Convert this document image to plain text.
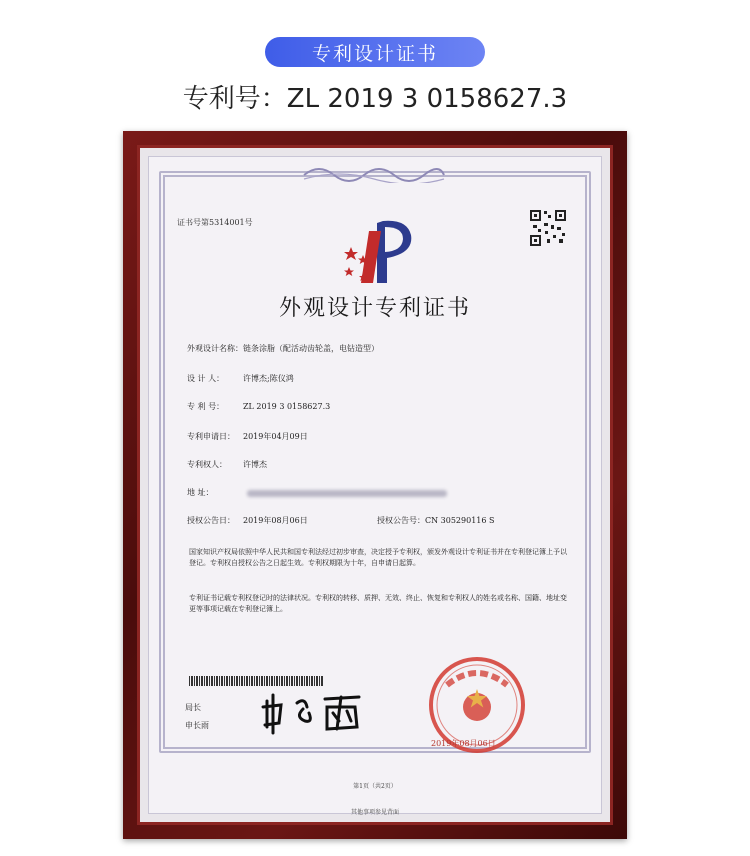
专利设计证书
专利号：ZL 2019 3 0158627.3
证书号第5314001号
外观设计专利证书
外观设计名称：链条涂脂（配活动齿轮盖，电钻造型）
设 计 人： 许博杰;陈仪鸿
专 利 号： ZL 2019 3 0158627.3
专利申请日： 2019年04月09日
专利权人： 许博杰
地 址：
授权公告日： 2019年08月06日	授权公告号：CN 305290116 S
国家知识产权局依照中华人民共和国专利法经过初步审查，决定授予专利权，颁发外观设计专利证书并在专利登记簿上予以登记。专利权自授权公告之日起生效。专利权期限为十年，自申请日起算。
专利证书记载专利权登记时的法律状况。专利权的转移、质押、无效、终止、恢复和专利权人的姓名或名称、国籍、地址变更等事项记载在专利登记簿上。
局长
申长雨
2019年08月06日
第1页（共2页）
其他事项参见背面
